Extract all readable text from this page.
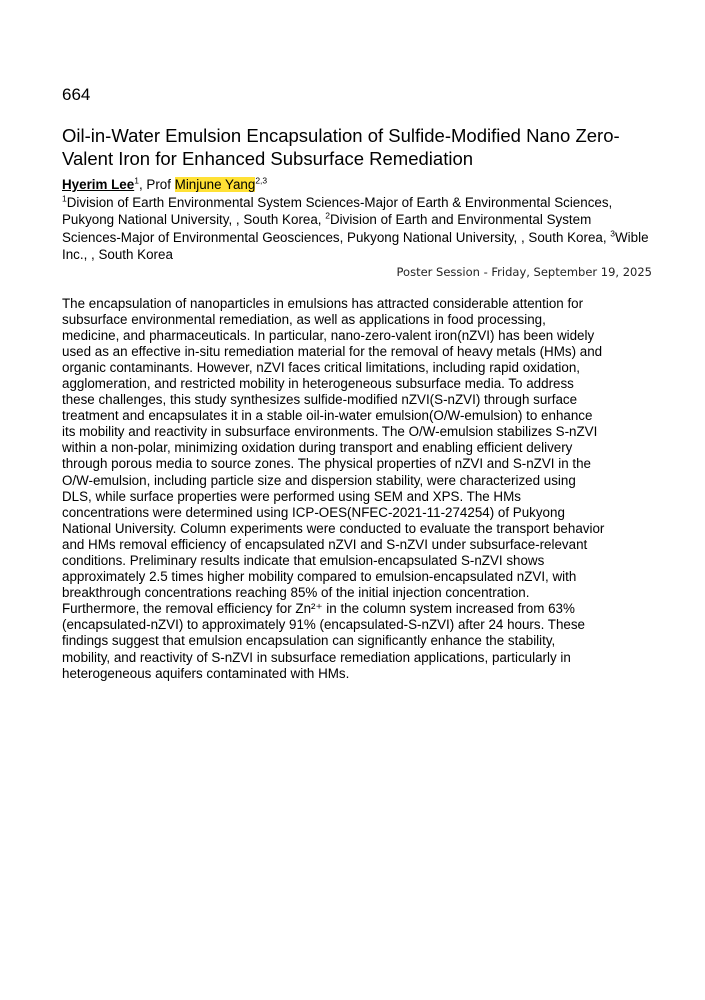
664

Oil-in-Water Emulsion Encapsulation of Sulfide-Modified Nano Zero-Valent Iron for Enhanced Subsurface Remediation
Hyerim Lee$^1$, Prof Minjune Yang$^{2,3}$
$^1$Division of Earth Environmental System Sciences-Major of Earth & Environmental Sciences, Pukyong National University, , South Korea, $^2$Division of Earth and Environmental System Sciences-Major of Environmental Geosciences, Pukyong National University, , South Korea, $^3$Wible Inc., , South Korea
Poster Session - Friday, September 19, 2025
The encapsulation of nanoparticles in emulsions has attracted considerable attention for
subsurface environmental remediation, as well as applications in food processing,
medicine, and pharmaceuticals. In particular, nano-zero-valent iron(nZVI) has been widely
used as an effective in-situ remediation material for the removal of heavy metals (HMs) and
organic contaminants. However, nZVI faces critical limitations, including rapid oxidation,
agglomeration, and restricted mobility in heterogeneous subsurface media. To address
these challenges, this study synthesizes sulfide-modified nZVI(S-nZVI) through surface
treatment and encapsulates it in a stable oil-in-water emulsion(O/W-emulsion) to enhance
its mobility and reactivity in subsurface environments. The O/W-emulsion stabilizes S-nZVI
within a non-polar, minimizing oxidation during transport and enabling efficient delivery
through porous media to source zones. The physical properties of nZVI and S-nZVI in the
O/W-emulsion, including particle size and dispersion stability, were characterized using
DLS, while surface properties were performed using SEM and XPS. The HMs
concentrations were determined using ICP-OES(NFEC-2021-11-274254) of Pukyong
National University. Column experiments were conducted to evaluate the transport behavior
and HMs removal efficiency of encapsulated nZVI and S-nZVI under subsurface-relevant
conditions. Preliminary results indicate that emulsion-encapsulated S-nZVI shows
approximately 2.5 times higher mobility compared to emulsion-encapsulated nZVI, with
breakthrough concentrations reaching 85% of the initial injection concentration.
Furthermore, the removal efficiency for Zn²⁺ in the column system increased from 63%
(encapsulated-nZVI) to approximately 91% (encapsulated-S-nZVI) after 24 hours. These
findings suggest that emulsion encapsulation can significantly enhance the stability,
mobility, and reactivity of S-nZVI in subsurface remediation applications, particularly in
heterogeneous aquifers contaminated with HMs.
